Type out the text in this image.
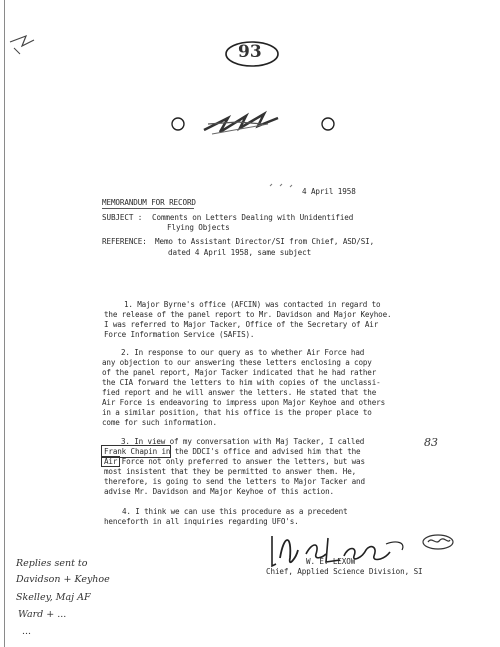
93
4 April 1958
MEMORANDUM FOR RECORD
SUBJECT : Comments on Letters Dealing with Unidentified
Flying Objects
REFERENCE: Memo to Assistant Director/SI from Chief, ASD/SI,
dated 4 April 1958, same subject
1. Major Byrne's office (AFCIN) was contacted in regard to
the release of the panel report to Mr. Davidson and Major Keyhoe.
I was referred to Major Tacker, Office of the Secretary of Air
Force Information Service (SAFIS).
2. In response to our query as to whether Air Force had
any objection to our answering these letters enclosing a copy
of the panel report, Major Tacker indicated that he had rather
the CIA forward the letters to him with copies of the unclassi-
fied report and he will answer the letters. He stated that the
Air Force is endeavoring to impress upon Major Keyhoe and others
in a similar position, that his office is the proper place to
come for such information.
3. In view of my conversation with Maj Tacker, I called
Frank Chapin in the DDCI's office and advised him that the
Air Force not only preferred to answer the letters, but was
most insistent that they be permitted to answer them. He,
therefore, is going to send the letters to Major Tacker and
advise Mr. Davidson and Major Keyhoe of this action.
4. I think we can use this procedure as a precedent
henceforth in all inquiries regarding UFO's.
83
W. E. LEXOW
Chief, Applied Science Division, SI
Replies sent to
Davidson + Keyhoe
Skelley, Maj AF
Ward + ...
...
